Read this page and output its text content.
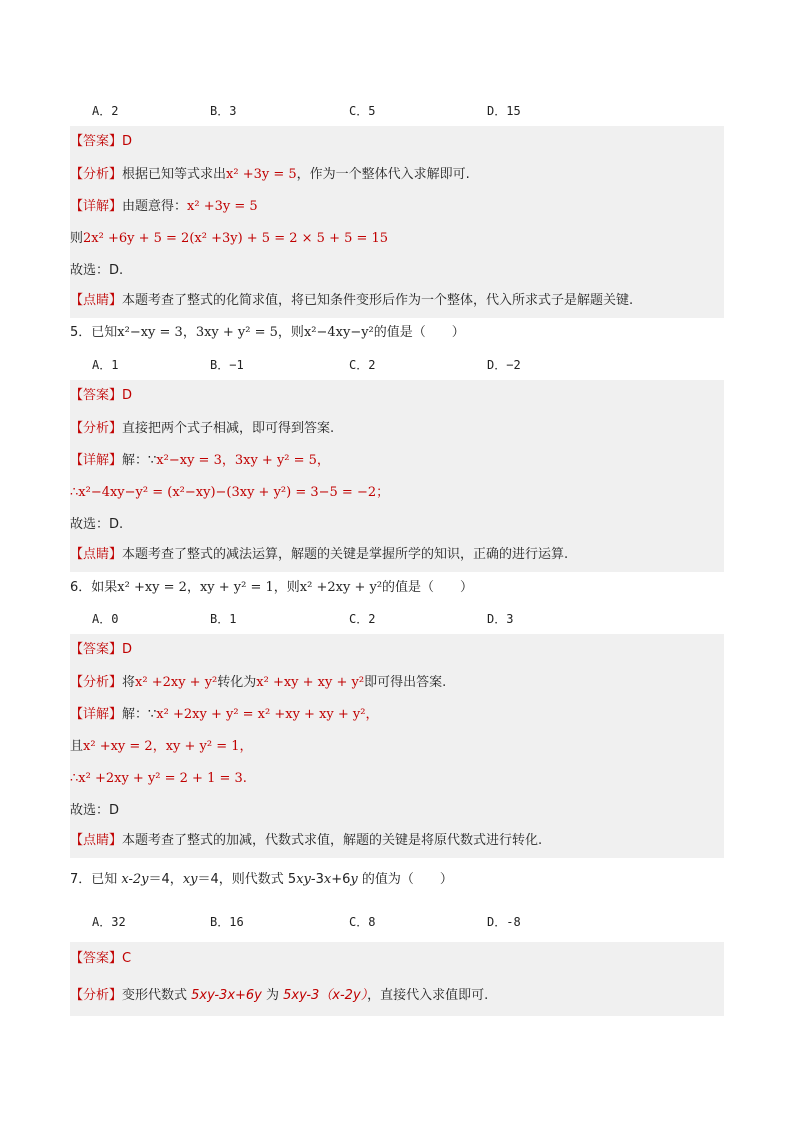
A．2	B．3	C．5	D．15
【答案】D
【分析】根据已知等式求出x² +3y = 5，作为一个整体代入求解即可.
【详解】由题意得：x² +3y = 5
则2x² +6y + 5 = 2(x² +3y) + 5 = 2 × 5 + 5 = 15
故选：D.
【点睛】本题考查了整式的化简求值，将已知条件变形后作为一个整体，代入所求式子是解题关键.
5．已知x²−xy = 3，3xy + y² = 5，则x²−4xy−y²的值是（　　）
A．1	B．−1	C．2	D．−2
【答案】D
【分析】直接把两个式子相减，即可得到答案.
【详解】解：∵x²−xy = 3，3xy + y² = 5，
∴x²−4xy−y² = (x²−xy)−(3xy + y²) = 3−5 = −2；
故选：D.
【点睛】本题考查了整式的减法运算，解题的关键是掌握所学的知识，正确的进行运算.
6．如果x² +xy = 2，xy + y² = 1，则x² +2xy + y²的值是（　　）
A．0	B．1	C．2	D．3
【答案】D
【分析】将x² +2xy + y²转化为x² +xy + xy + y²即可得出答案.
【详解】解：∵x² +2xy + y² = x² +xy + xy + y²，
且x² +xy = 2，xy + y² = 1，
∴x² +2xy + y² = 2 + 1 = 3.
故选：D
【点睛】本题考查了整式的加减，代数式求值，解题的关键是将原代数式进行转化.
7．已知 x-2y＝4，xy＝4，则代数式 5xy-3x+6y 的值为（　　）
A．32	B．16	C．8	D．-8
【答案】C
【分析】变形代数式 5xy-3x+6y 为 5xy-3（x-2y），直接代入求值即可.
